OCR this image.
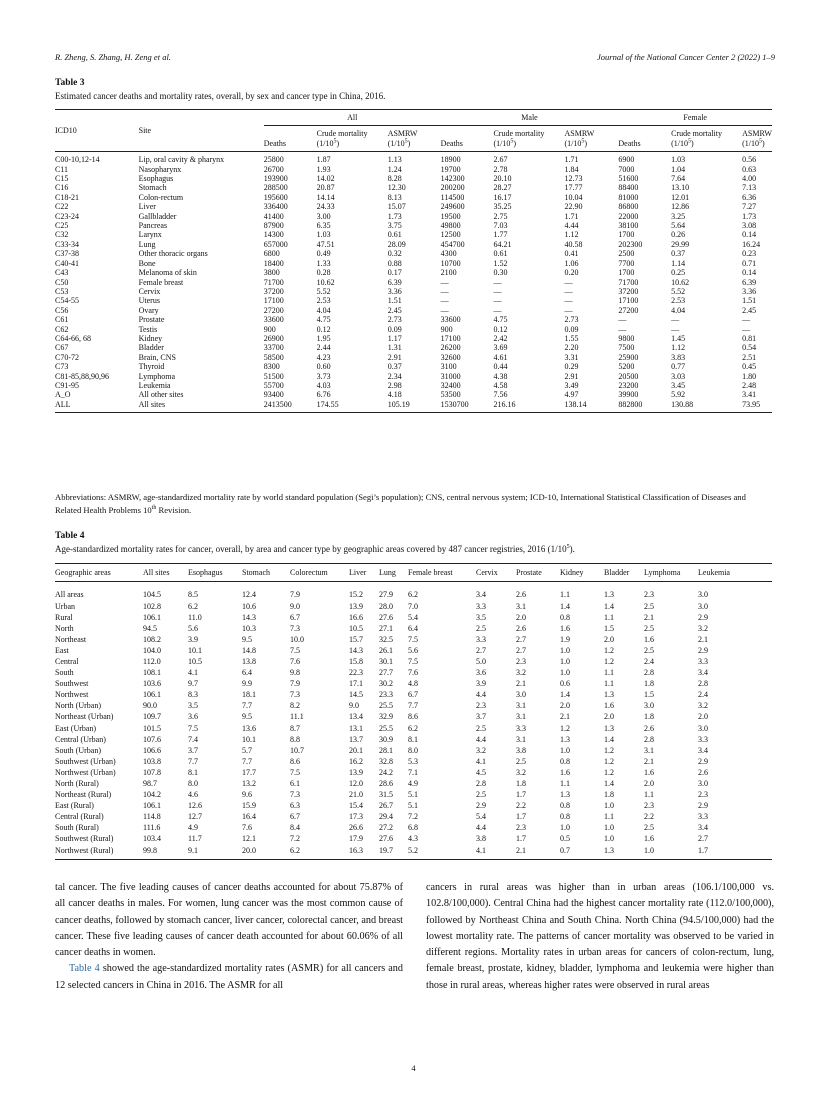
R. Zheng, S. Zhang, H. Zeng et al.	Journal of the National Cancer Center 2 (2022) 1–9
Table 3
Estimated cancer deaths and mortality rates, overall, by sex and cancer type in China, 2016.
ICD10	Site	All			Male			Female		
			Crude mortality	ASMRW		Crude mortality	ASMRW		Crude mortality	ASMRW
		Deaths	$(1/10^5)$	$(1/10^5)$	Deaths	$(1/10^5)$	$(1/10^5)$	Deaths	$(1/10^5)$	$(1/10^5)$
C00-10,12-14	Lip, oral cavity & pharynx	25800	1.87	1.13	18900	2.67	1.71	6900	1.03	0.56
C11	Nasopharynx	26700	1.93	1.24	19700	2.78	1.84	7000	1.04	0.63
C15	Esophagus	193900	14.02	8.28	142300	20.10	12.73	51600	7.64	4.00
C16	Stomach	288500	20.87	12.30	200200	28.27	17.77	88400	13.10	7.13
C18-21	Colon-rectum	195600	14.14	8.13	114500	16.17	10.04	81000	12.01	6.36
C22	Liver	336400	24.33	15.07	249600	35.25	22.90	86800	12.86	7.27
C23-24	Gallbladder	41400	3.00	1.73	19500	2.75	1.71	22000	3.25	1.73
C25	Pancreas	87900	6.35	3.75	49800	7.03	4.44	38100	5.64	3.08
C32	Larynx	14300	1.03	0.61	12500	1.77	1.12	1700	0.26	0.14
C33-34	Lung	657000	47.51	28.09	454700	64.21	40.58	202300	29.99	16.24
C37-38	Other thoracic organs	6800	0.49	0.32	4300	0.61	0.41	2500	0.37	0.23
C40-41	Bone	18400	1.33	0.88	10700	1.52	1.06	7700	1.14	0.71
C43	Melanoma of skin	3800	0.28	0.17	2100	0.30	0.20	1700	0.25	0.14
C50	Female breast	71700	10.62	6.39	—	—	—	71700	10.62	6.39
C53	Cervix	37200	5.52	3.36	—	—	—	37200	5.52	3.36
C54-55	Uterus	17100	2.53	1.51	—	—	—	17100	2.53	1.51
C56	Ovary	27200	4.04	2.45	—	—	—	27200	4.04	2.45
C61	Prostate	33600	4.75	2.73	33600	4.75	2.73	—	—	—
C62	Testis	900	0.12	0.09	900	0.12	0.09	—	—	—
C64-66, 68	Kidney	26900	1.95	1.17	17100	2.42	1.55	9800	1.45	0.81
C67	Bladder	33700	2.44	1.31	26200	3.69	2.20	7500	1.12	0.54
C70-72	Brain, CNS	58500	4.23	2.91	32600	4.61	3.31	25900	3.83	2.51
C73	Thyroid	8300	0.60	0.37	3100	0.44	0.29	5200	0.77	0.45
C81-85,88,90,96	Lymphoma	51500	3.73	2.34	31000	4.38	2.91	20500	3.03	1.80
C91-95	Leukemia	55700	4.03	2.98	32400	4.58	3.49	23200	3.45	2.48
A_O	All other sites	93400	6.76	4.18	53500	7.56	4.97	39900	5.92	3.41
ALL	All sites	2413500	174.55	105.19	1530700	216.16	138.14	882800	130.88	73.95
Abbreviations: ASMRW, age-standardized mortality rate by world standard population (Segi’s population); CNS, central nervous system; ICD-10, International Statistical Classification of Diseases and Related Health Problems 10th Revision.
Table 4
Age-standardized mortality rates for cancer, overall, by area and cancer type by geographic areas covered by 487 cancer registries, 2016 $(1/10^5)$.
Geographic areas	All sites	Esophagus	Stomach	Colorectum	Liver	Lung	Female breast	Cervix	Prostate	Kidney	Bladder	Lymphoma	Leukemia
All areas	104.5	8.5	12.4	7.9	15.2	27.9	6.2	3.4	2.6	1.1	1.3	2.3	3.0
Urban	102.8	6.2	10.6	9.0	13.9	28.0	7.0	3.3	3.1	1.4	1.4	2.5	3.0
Rural	106.1	11.0	14.3	6.7	16.6	27.6	5.4	3.5	2.0	0.8	1.1	2.1	2.9
North	94.5	5.6	10.3	7.3	10.5	27.1	6.4	2.5	2.6	1.6	1.5	2.5	3.2
Northeast	108.2	3.9	9.5	10.0	15.7	32.5	7.5	3.3	2.7	1.9	2.0	1.6	2.1
East	104.0	10.1	14.8	7.5	14.3	26.1	5.6	2.7	2.7	1.0	1.2	2.5	2.9
Central	112.0	10.5	13.8	7.6	15.8	30.1	7.5	5.0	2.3	1.0	1.2	2.4	3.3
South	108.1	4.1	6.4	9.8	22.3	27.7	7.6	3.6	3.2	1.0	1.1	2.8	3.4
Southwest	103.6	9.7	9.9	7.9	17.1	30.2	4.8	3.9	2.1	0.6	1.1	1.8	2.8
Northwest	106.1	8.3	18.1	7.3	14.5	23.3	6.7	4.4	3.0	1.4	1.3	1.5	2.4
North (Urban)	90.0	3.5	7.7	8.2	9.0	25.5	7.7	2.3	3.1	2.0	1.6	3.0	3.2
Northeast (Urban)	109.7	3.6	9.5	11.1	13.4	32.9	8.6	3.7	3.1	2.1	2.0	1.8	2.0
East (Urban)	101.5	7.5	13.6	8.7	13.1	25.5	6.2	2.5	3.3	1.2	1.3	2.6	3.0
Central (Urban)	107.6	7.4	10.1	8.8	13.7	30.9	8.1	4.4	3.1	1.3	1.4	2.8	3.3
South (Urban)	106.6	3.7	5.7	10.7	20.1	28.1	8.0	3.2	3.8	1.0	1.2	3.1	3.4
Southwest (Urban)	103.8	7.7	7.7	8.6	16.2	32.8	5.3	4.1	2.5	0.8	1.2	2.1	2.9
Northwest (Urban)	107.8	8.1	17.7	7.5	13.9	24.2	7.1	4.5	3.2	1.6	1.2	1.6	2.6
North (Rural)	98.7	8.0	13.2	6.1	12.0	28.6	4.9	2.8	1.8	1.1	1.4	2.0	3.0
Northeast (Rural)	104.2	4.6	9.6	7.3	21.0	31.5	5.1	2.5	1.7	1.3	1.8	1.1	2.3
East (Rural)	106.1	12.6	15.9	6.3	15.4	26.7	5.1	2.9	2.2	0.8	1.0	2.3	2.9
Central (Rural)	114.8	12.7	16.4	6.7	17.3	29.4	7.2	5.4	1.7	0.8	1.1	2.2	3.3
South (Rural)	111.6	4.9	7.6	8.4	26.6	27.2	6.8	4.4	2.3	1.0	1.0	2.5	3.4
Southwest (Rural)	103.4	11.7	12.1	7.2	17.9	27.6	4.3	3.8	1.7	0.5	1.0	1.6	2.7
Northwest (Rural)	99.8	9.1	20.0	6.2	16.3	19.7	5.2	4.1	2.1	0.7	1.3	1.0	1.7
tal cancer. The five leading causes of cancer deaths accounted for about 75.87% of all cancer deaths in males. For women, lung cancer was the most common cause of cancer deaths, followed by stomach cancer, liver cancer, colorectal cancer, and breast cancer. These five leading causes of cancer death accounted for about 60.06% of all cancer deaths in women.
Table 4 showed the age-standardized mortality rates (ASMR) for all cancers and 12 selected cancers in China in 2016. The ASMR for all
cancers in rural areas was higher than in urban areas (106.1/100,000 vs. 102.8/100,000). Central China had the highest cancer mortality rate (112.0/100,000), followed by Northeast China and South China. North China (94.5/100,000) had the lowest mortality rate. The patterns of cancer mortality was observed to be varied in different regions. Mortality rates in urban areas for cancers of colon-rectum, lung, female breast, prostate, kidney, bladder, lymphoma and leukemia were higher than those in rural areas, whereas higher rates were observed in rural areas
4
